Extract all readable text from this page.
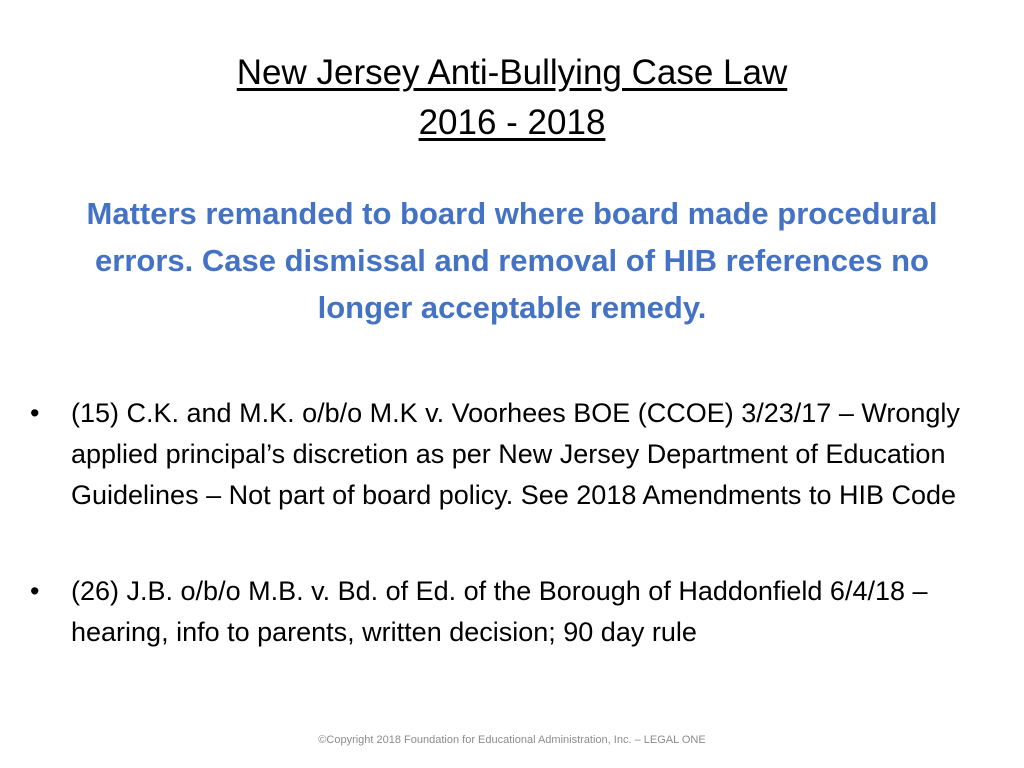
New Jersey Anti-Bullying Case Law
2016 - 2018
Matters remanded to board where board made procedural errors. Case dismissal and removal of HIB references no longer acceptable remedy.
• (15) C.K. and M.K. o/b/o M.K v. Voorhees BOE (CCOE) 3/23/17 – Wrongly applied principal’s discretion as per New Jersey Department of Education Guidelines – Not part of board policy. See 2018 Amendments to HIB Code
• (26) J.B. o/b/o M.B. v. Bd. of Ed. of the Borough of Haddonfield 6/4/18 – hearing, info to parents, written decision; 90 day rule
©Copyright 2018 Foundation for Educational Administration, Inc. – LEGAL ONE
